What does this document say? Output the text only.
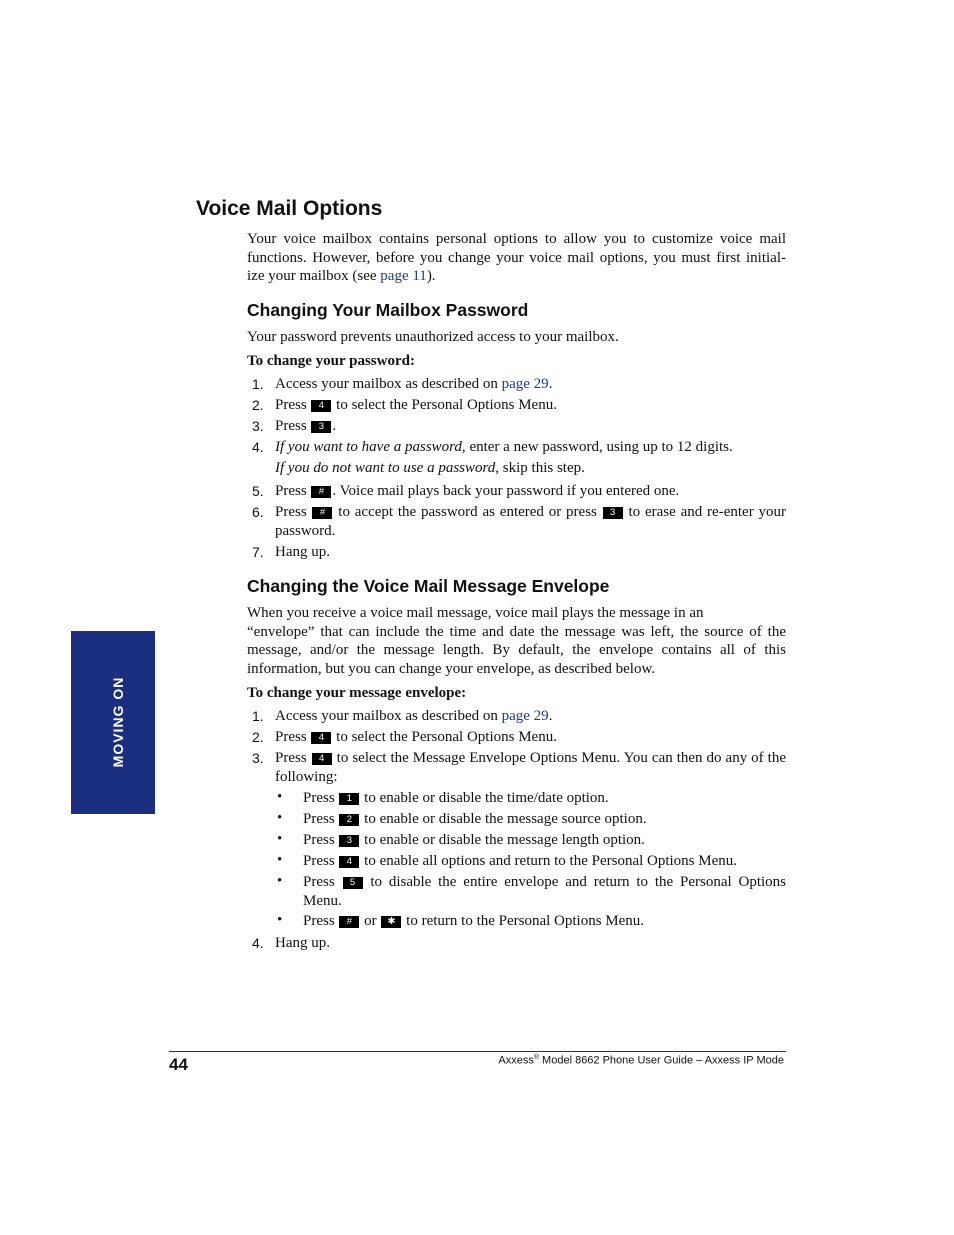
Voice Mail Options
Your voice mailbox contains personal options to allow you to customize voice mail
functions. However, before you change your voice mail options, you must first initial-
ize your mailbox (see page 11).
Changing Your Mailbox Password

Your password prevents unauthorized access to your mailbox.

To change your password:

1. Access your mailbox as described on page 29.
2. Press 4 to select the Personal Options Menu.
3. Press 3 .
4. If you want to have a password, enter a new password, using up to 12 digits.
If you do not want to use a password, skip this step.
5. Press # . Voice mail plays back your password if you entered one.
6. Press # to accept the password as entered or press 3 to erase and re-enter your password.
7. Hang up.
Changing the Voice Mail Message Envelope
When you receive a voice mail message, voice mail plays the message in an
“envelope” that can include the time and date the message was left, the source of the message, and/or the message length. By default, the envelope contains all of this information, but you can change your envelope, as described below.

To change your message envelope:

1. Access your mailbox as described on page 29.
2. Press 4 to select the Personal Options Menu.
3. Press 4 to select the Message Envelope Options Menu. You can then do any of the following:
• Press 1 to enable or disable the time/date option.
• Press 2 to enable or disable the message source option.
• Press 3 to enable or disable the message length option.
• Press 4 to enable all options and return to the Personal Options Menu.
• Press 5 to disable the entire envelope and return to the Personal Options Menu.
• Press # or ✱ to return to the Personal Options Menu.
4. Hang up.
MOVING ON
44	Axxess® Model 8662 Phone User Guide – Axxess IP Mode
